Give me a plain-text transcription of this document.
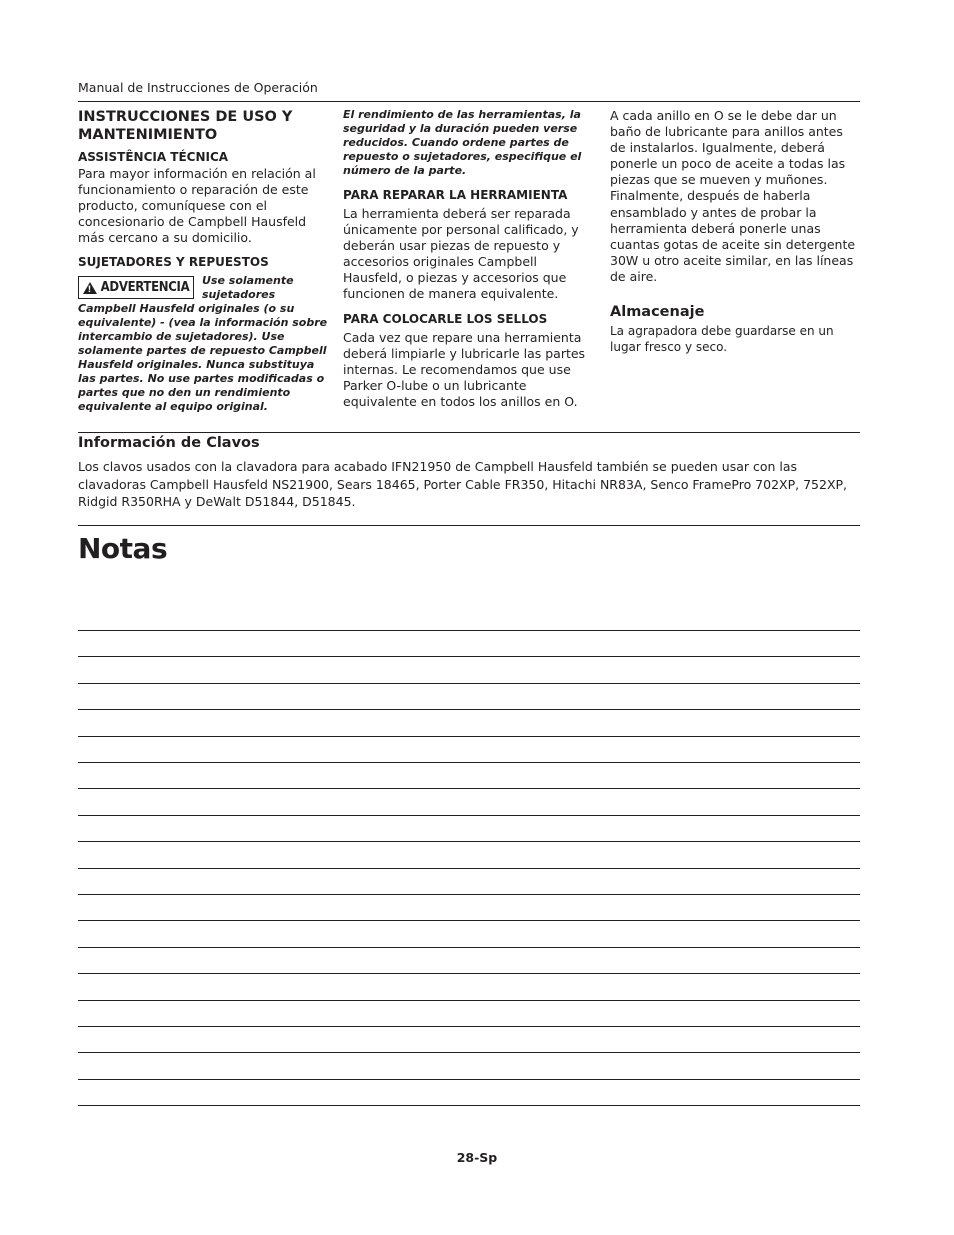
Manual de Instrucciones de Operación
INSTRUCCIONES DE USO Y MANTENIMIENTO
ASSISTÊNCIA TÉCNICA
Para mayor información en relación al funcionamiento o reparación de este producto, comuníquese con el concesionario de Campbell Hausfeld más cercano a su domicilio.
SUJETADORES Y REPUESTOS
!
ADVERTENCIA Use solamente sujetadores Campbell Hausfeld originales (o su equivalente) - (vea la información sobre intercambio de sujetadores). Use solamente partes de repuesto Campbell Hausfeld originales. Nunca substituya las partes. No use partes modificadas o partes que no den un rendimiento equivalente al equipo original.
El rendimiento de las herramientas, la seguridad y la duración pueden verse reducidos. Cuando ordene partes de repuesto o sujetadores, especifique el número de la parte.
PARA REPARAR LA HERRAMIENTA
La herramienta deberá ser reparada únicamente por personal calificado, y deberán usar piezas de repuesto y accesorios originales Campbell Hausfeld, o piezas y accesorios que funcionen de manera equivalente.
PARA COLOCARLE LOS SELLOS
Cada vez que repare una herramienta deberá limpiarle y lubricarle las partes internas. Le recomendamos que use Parker O-lube o un lubricante equivalente en todos los anillos en O.
A cada anillo en O se le debe dar un baño de lubricante para anillos antes de instalarlos. Igualmente, deberá ponerle un poco de aceite a todas las piezas que se mueven y muñones. Finalmente, después de haberla ensamblado y antes de probar la herramienta deberá ponerle unas cuantas gotas de aceite sin detergente 30W u otro aceite similar, en las líneas de aire.
Almacenaje
La agrapadora debe guardarse en un lugar fresco y seco.
Información de Clavos
Los clavos usados con la clavadora para acabado IFN21950 de Campbell Hausfeld también se pueden usar con las clavadoras Campbell Hausfeld NS21900, Sears 18465, Porter Cable FR350, Hitachi NR83A, Senco FramePro 702XP, 752XP, Ridgid R350RHA y DeWalt D51844, D51845.
Notas
28-Sp
